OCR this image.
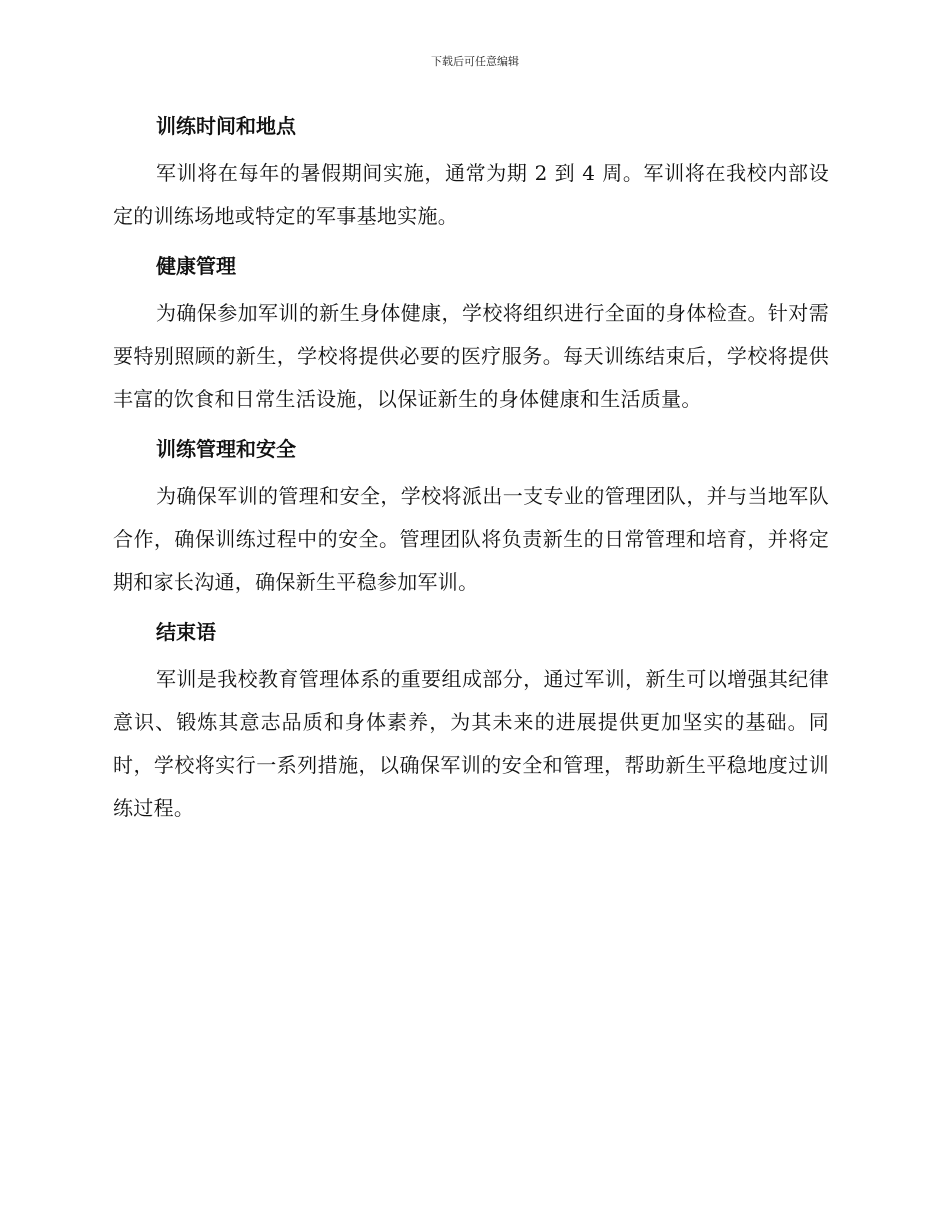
下载后可任意编辑
训练时间和地点

军训将在每年的暑假期间实施，通常为期 2 到 4 周。军训将在我校内部设定的训练场地或特定的军事基地实施。

健康管理

为确保参加军训的新生身体健康，学校将组织进行全面的身体检查。针对需要特别照顾的新生，学校将提供必要的医疗服务。每天训练结束后，学校将提供丰富的饮食和日常生活设施，以保证新生的身体健康和生活质量。

训练管理和安全

为确保军训的管理和安全，学校将派出一支专业的管理团队，并与当地军队合作，确保训练过程中的安全。管理团队将负责新生的日常管理和培育，并将定期和家长沟通，确保新生平稳参加军训。

结束语

军训是我校教育管理体系的重要组成部分，通过军训，新生可以增强其纪律意识、锻炼其意志品质和身体素养，为其未来的进展提供更加坚实的基础。同时，学校将实行一系列措施，以确保军训的安全和管理，帮助新生平稳地度过训练过程。
